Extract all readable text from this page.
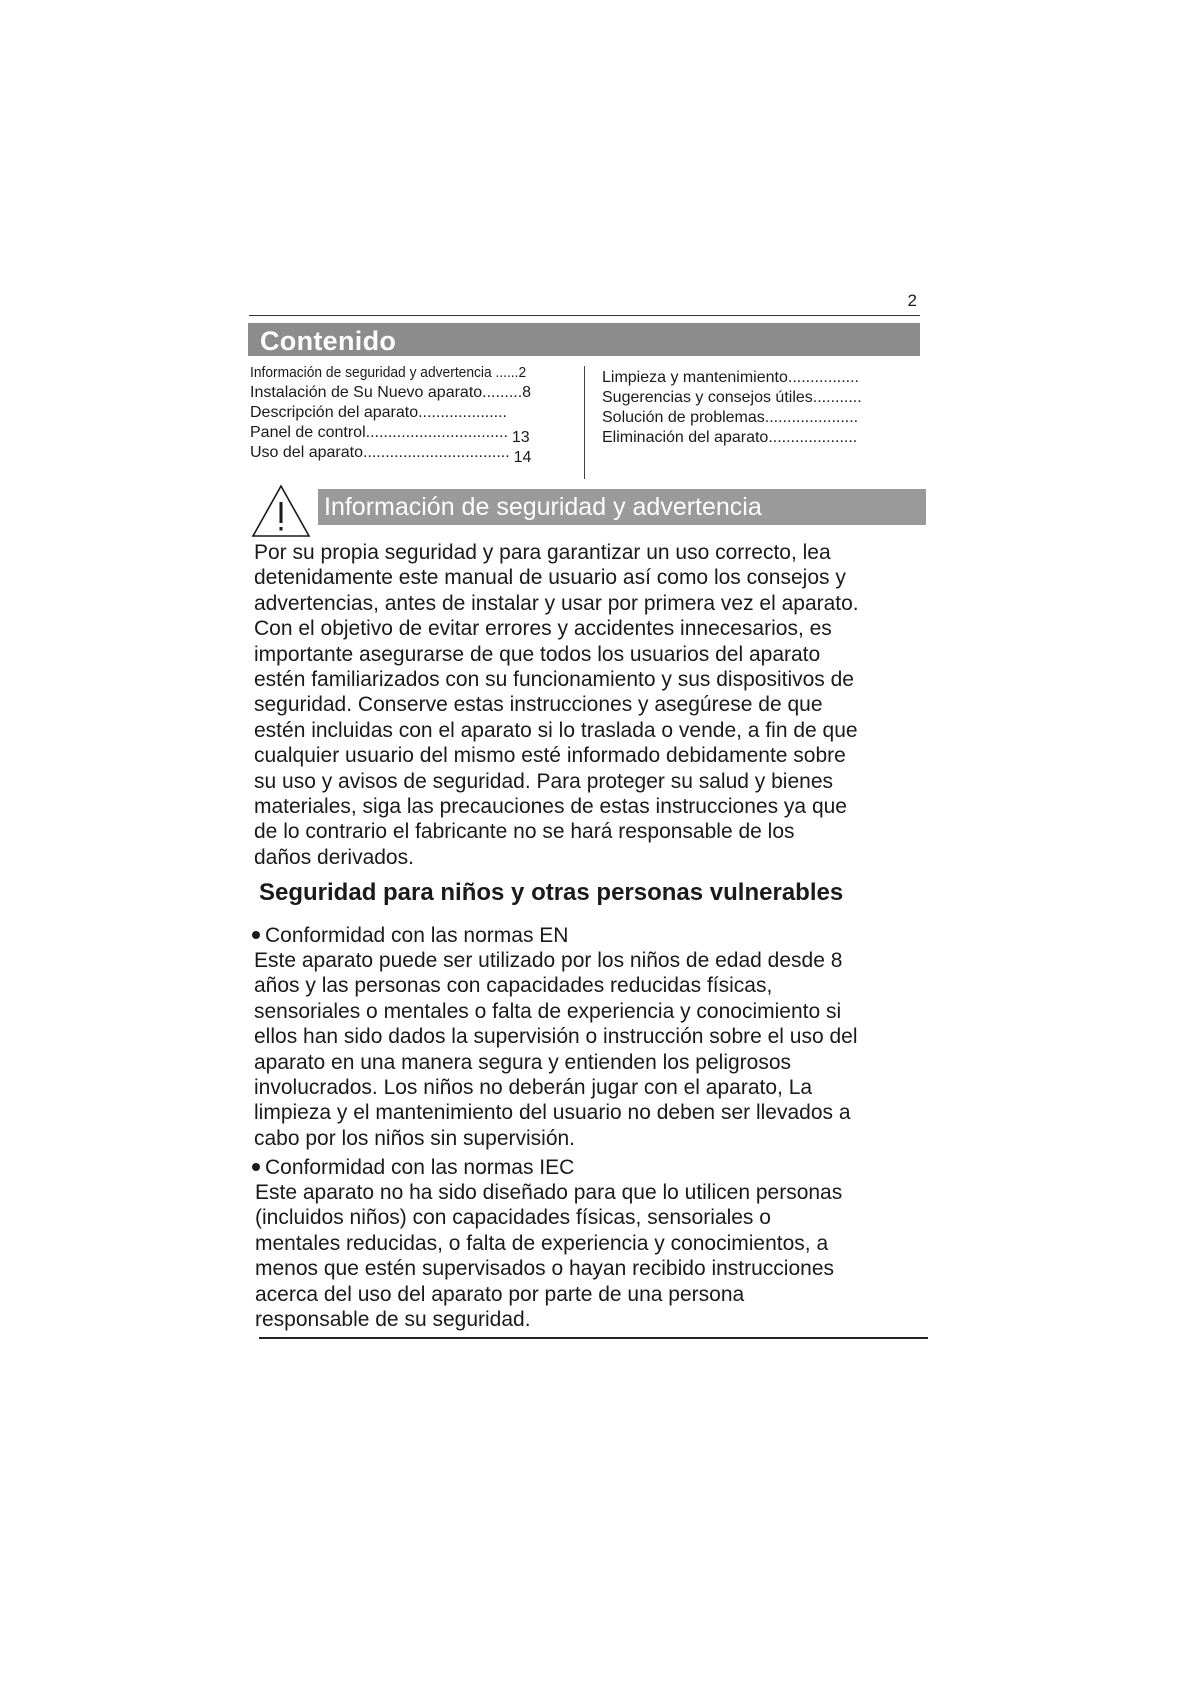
2
Contenido
Información de seguridad y advertencia ......2
Instalación de Su Nuevo aparato.........8
Descripción del aparato....................
Panel de control................................ 13
Uso del aparato................................. 14
Limpieza y mantenimiento................
Sugerencias y consejos útiles...........
Solución de problemas.....................
Eliminación del aparato....................
Información de seguridad y advertencia
Por su propia seguridad y para garantizar un uso correcto, lea
detenidamente este manual de usuario así como los consejos y
advertencias, antes de instalar y usar por primera vez el aparato.
Con el objetivo de evitar errores y accidentes innecesarios, es
importante asegurarse de que todos los usuarios del aparato
estén familiarizados con su funcionamiento y sus dispositivos de
seguridad. Conserve estas instrucciones y asegúrese de que
estén incluidas con el aparato si lo traslada o vende, a fin de que
cualquier usuario del mismo esté informado debidamente sobre
su uso y avisos de seguridad. Para proteger su salud y bienes
materiales, siga las precauciones de estas instrucciones ya que
de lo contrario el fabricante no se hará responsable de los
daños derivados.
Seguridad para niños y otras personas vulnerables
Conformidad con las normas EN
Este aparato puede ser utilizado por los niños de edad desde 8
años y las personas con capacidades reducidas físicas,
sensoriales o mentales o falta de experiencia y conocimiento si
ellos han sido dados la supervisión o instrucción sobre el uso del
aparato en una manera segura y entienden los peligrosos
involucrados. Los niños no deberán jugar con el aparato, La
limpieza y el mantenimiento del usuario no deben ser llevados a
cabo por los niños sin supervisión.
Conformidad con las normas IEC
Este aparato no ha sido diseñado para que lo utilicen personas
(incluidos niños) con capacidades físicas, sensoriales o
mentales reducidas, o falta de experiencia y conocimientos, a
menos que estén supervisados o hayan recibido instrucciones
acerca del uso del aparato por parte de una persona
responsable de su seguridad.
